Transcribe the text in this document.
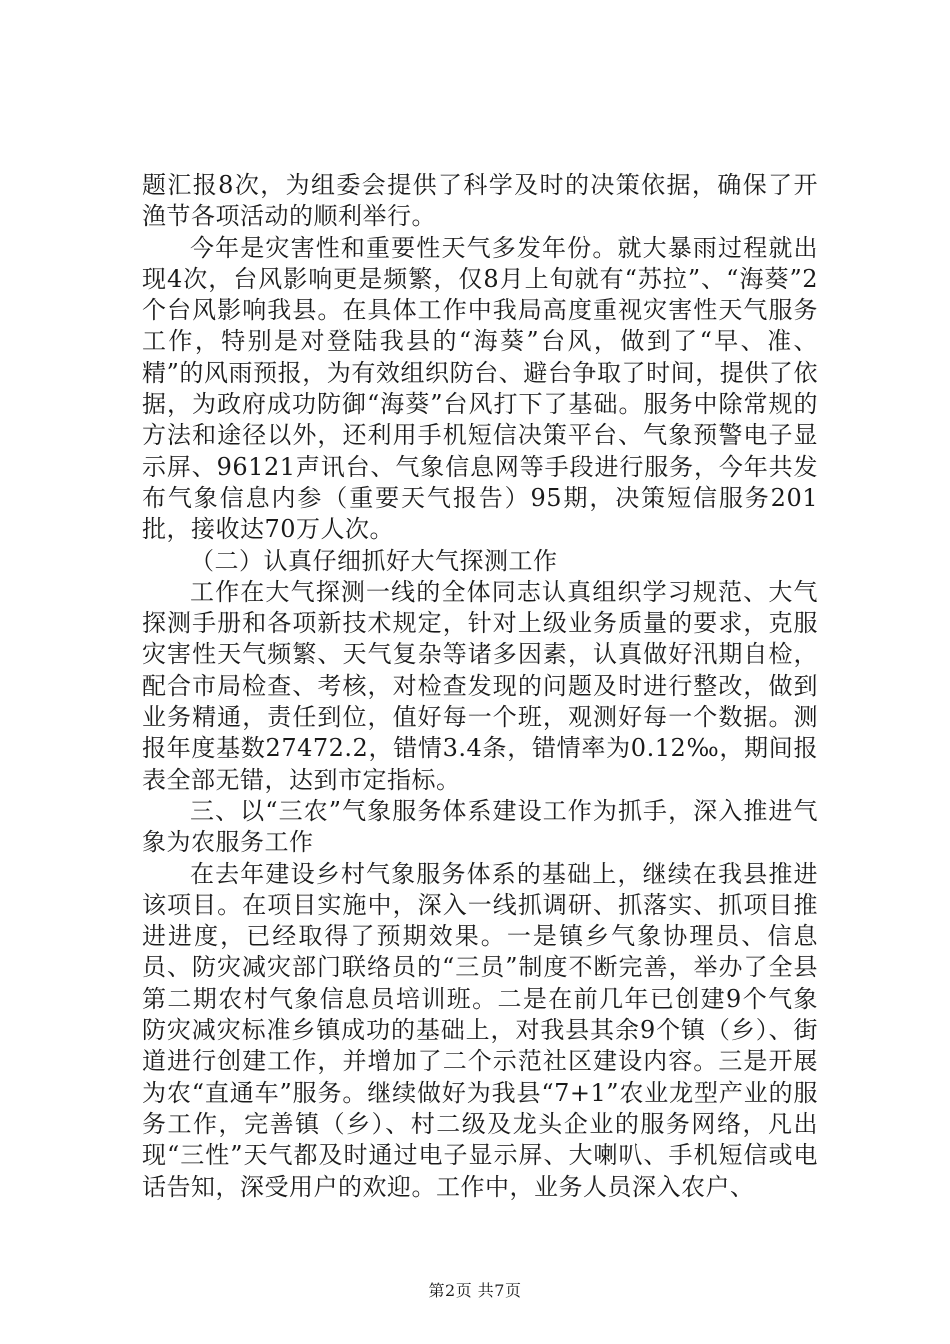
题汇报8次，为组委会提供了科学及时的决策依据，确保了开渔节各项活动的顺利举行。

今年是灾害性和重要性天气多发年份。就大暴雨过程就出现4次，台风影响更是频繁，仅8月上旬就有“苏拉”、“海葵”2个台风影响我县。在具体工作中我局高度重视灾害性天气服务工作，特别是对登陆我县的“海葵”台风，做到了“早、准、精”的风雨预报，为有效组织防台、避台争取了时间，提供了依据，为政府成功防御“海葵”台风打下了基础。服务中除常规的方法和途径以外，还利用手机短信决策平台、气象预警电子显示屏、96121声讯台、气象信息网等手段进行服务，今年共发布气象信息内参（重要天气报告）95期，决策短信服务201批，接收达70万人次。

（二）认真仔细抓好大气探测工作

工作在大气探测一线的全体同志认真组织学习规范、大气探测手册和各项新技术规定，针对上级业务质量的要求，克服灾害性天气频繁、天气复杂等诸多因素，认真做好汛期自检，配合市局检查、考核，对检查发现的问题及时进行整改，做到业务精通，责任到位，值好每一个班，观测好每一个数据。测报年度基数27472.2，错情3.4条，错情率为0.12‰，期间报表全部无错，达到市定指标。

三、以“三农”气象服务体系建设工作为抓手，深入推进气象为农服务工作

在去年建设乡村气象服务体系的基础上，继续在我县推进该项目。在项目实施中，深入一线抓调研、抓落实、抓项目推进进度，已经取得了预期效果。一是镇乡气象协理员、信息员、防灾减灾部门联络员的“三员”制度不断完善，举办了全县第二期农村气象信息员培训班。二是在前几年已创建9个气象防灾减灾标准乡镇成功的基础上，对我县其余9个镇（乡）、街道进行创建工作，并增加了二个示范社区建设内容。三是开展为农“直通车”服务。继续做好为我县“7+1”农业龙型产业的服务工作，完善镇（乡）、村二级及龙头企业的服务网络，凡出现“三性”天气都及时通过电子显示屏、大喇叭、手机短信或电话告知，深受用户的欢迎。工作中，业务人员深入农户、

第2页 共7页
